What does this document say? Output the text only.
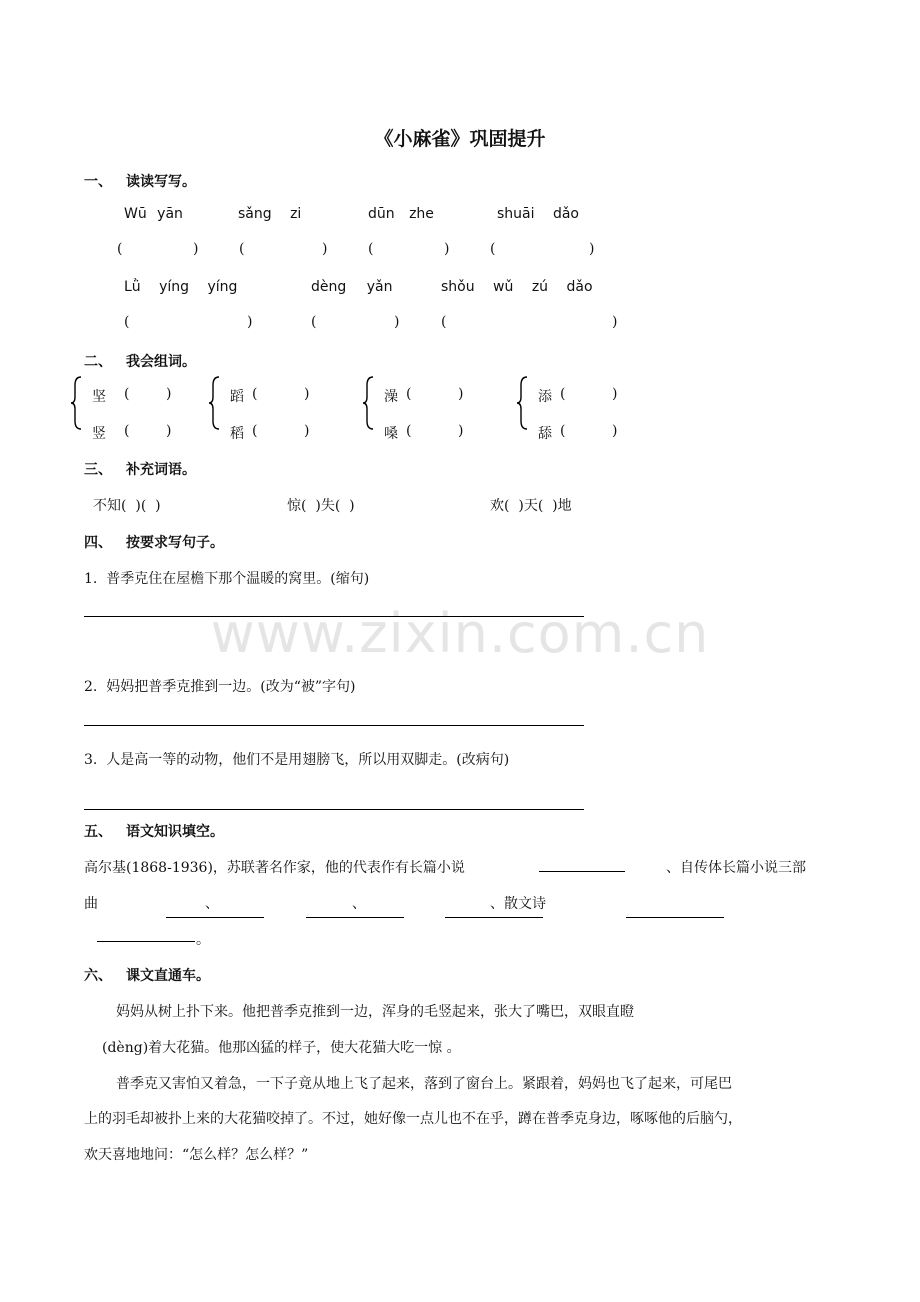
《小麻雀》巩固提升
一、 读读写写。
Wū yān	sǎng zi	dūn zhe	shuāi dǎo
(	)	(	)	(	)	(	)
Lǜ yíng yíng	dèng yǎn	shǒu wǔ zú dǎo
(	)	(	)	(	)
二、 我会组词。
坚 (	)
竖 (	)
蹈 (	)
稻 (	)
澡 (	)
嗓 (	)
添 (	)
舔 (	)
三、 补充词语。
不知(  )(  )	惊(  )失(  )	欢(  )天(  )地
四、 按要求写句子。
1.  普季克住在屋檐下那个温暖的窝里。(缩句)
2.  妈妈把普季克推到一边。(改为“被”字句)
3.  人是高一等的动物，他们不是用翅膀飞，所以用双脚走。(改病句)
五、 语文知识填空。
高尔基(1868-1936)，苏联著名作家，他的代表作有长篇小说	、自传体长篇小说三部
曲	、	、	、散文诗
。
六、 课文直通车。
妈妈从树上扑下来。他把普季克推到一边，浑身的毛竖起来，张大了嘴巴，双眼直瞪
(dèng)着大花猫。他那凶猛的样子，使大花猫大吃一惊 。
普季克又害怕又着急，一下子竟从地上飞了起来，落到了窗台上。紧跟着，妈妈也飞了起来，可尾巴
上的羽毛却被扑上来的大花猫咬掉了。不过，她好像一点儿也不在乎，蹲在普季克身边，啄啄他的后脑勺，
欢天喜地地问：“怎么样？怎么样？”
www.zixin.com.cn
